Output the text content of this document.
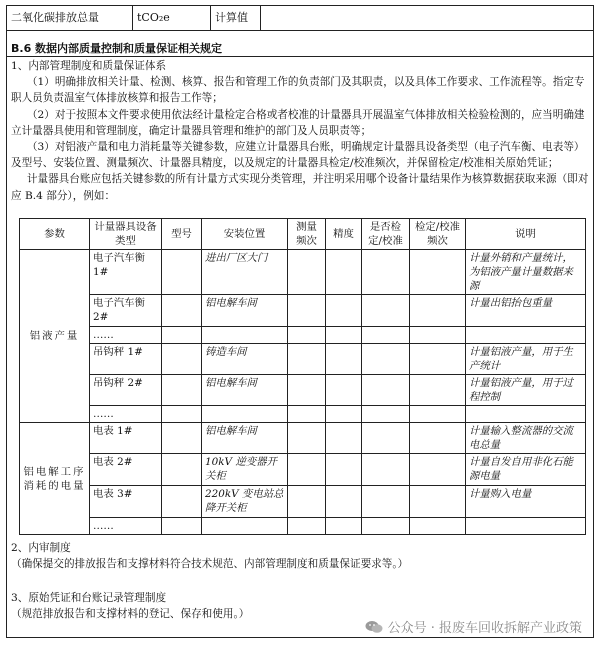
二氧化碳排放总量	tCO₂e	计算值
B.6 数据内部质量控制和质量保证相关规定

1、内部管理制度和质量保证体系

（1）明确排放相关计量、检测、核算、报告和管理工作的负责部门及其职责，以及具体工作要求、工作流程等。指定专职人员负责温室气体排放核算和报告工作等；

（2）对于按照本文件要求使用依法经计量检定合格或者校准的计量器具开展温室气体排放相关检验检测的，应当明确建立计量器具使用和管理制度，确定计量器具管理和维护的部门及人员职责等；

（3）对铝液产量和电力消耗量等关键参数，应建立计量器具台账，明确规定计量器具设备类型（电子汽车衡、电表等）及型号、安装位置、测量频次、计量器具精度，以及规定的计量器具检定/校准频次，并保留检定/校准相关原始凭证；

计量器具台账应包括关键参数的所有计量方式实现分类管理，并注明采用哪个设备计量结果作为核算数据获取来源（即对应 B.4 部分），例如：

参数	计量器具设备类型	型号	安装位置	测量频次	精度	是否检定/校准	检定/校准频次	说明
铝液产量	电子汽车衡 1#		进出厂区大门					计量外销和产量统计，为铝液产量计量数据来源
	电子汽车衡 2#		铝电解车间					计量出铝抬包重量
	……							
	吊钩秤 1#		铸造车间					计量铝液产量，用于生产统计
	吊钩秤 2#		铝电解车间					计量铝液产量，用于过程控制
	……							
铝电解工序消耗的电量	电表 1#		铝电解车间					计量输入整流器的交流电总量
	电表 2#		10kV 逆变器开关柜					计量自发自用非化石能源电量
	电表 3#		220kV 变电站总降开关柜					计量购入电量
	……							
2、内审制度
（确保提交的排放报告和支撑材料符合技术规范、内部管理制度和质量保证要求等。）
3、原始凭证和台账记录管理制度
（规范排放报告和支撑材料的登记、保存和使用。）
公众号 · 报废车回收拆解产业政策
